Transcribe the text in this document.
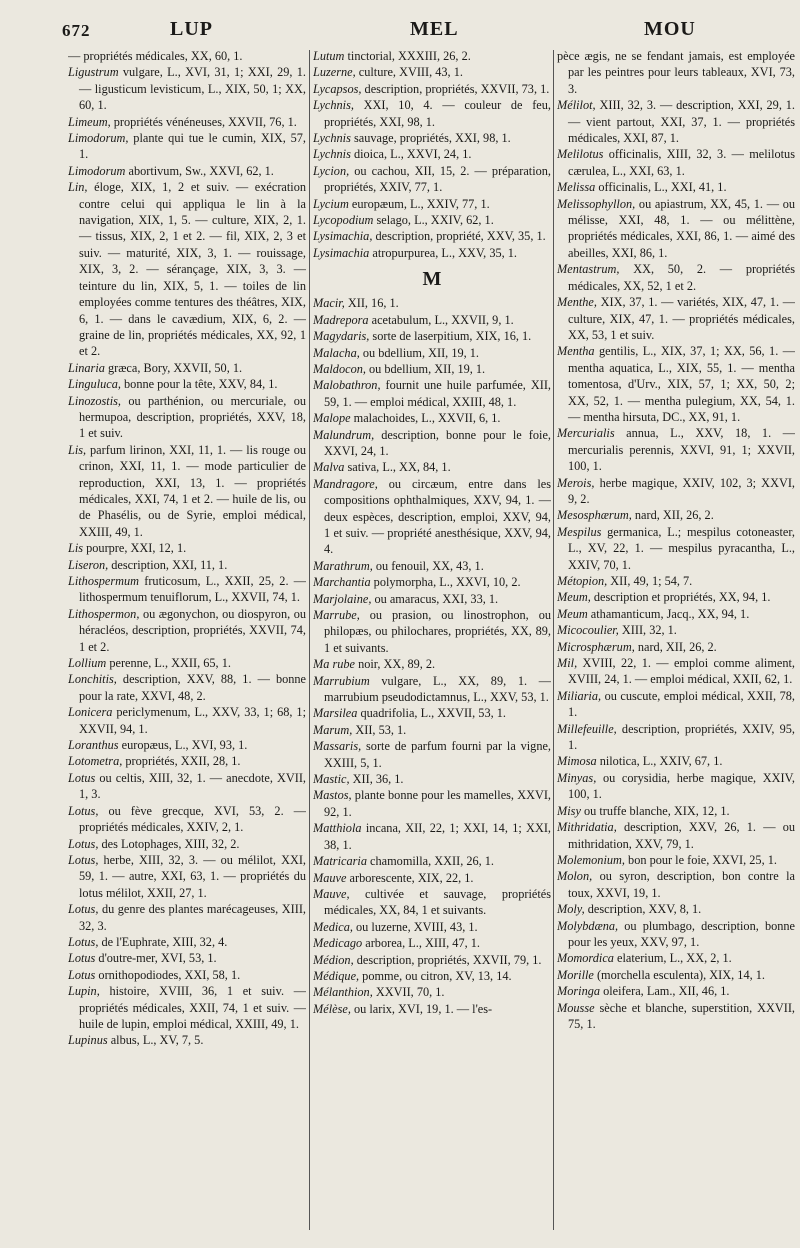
672	LUP	MEL	MOU
— propriétés médicales, XX, 60, 1.
Ligustrum vulgare, L., XVI, 31, 1; XXI, 29, 1.— ligusticum levisticum, L., XIX, 50, 1; XX, 60, 1.
Limeum, propriétés vénéneuses, XXVII, 76, 1.
Limodorum, plante qui tue le cumin, XIX, 57, 1.
Limodorum abortivum, Sw., XXVI, 62, 1.
Lin, éloge, XIX, 1, 2 et suiv. — exécration contre celui qui appliqua le lin à la navigation, XIX, 1, 5. — culture, XIX, 2, 1. — tissus, XIX, 2, 1 et 2. — fil, XIX, 2, 3 et suiv. — maturité, XIX, 3, 1. — rouissage, XIX, 3, 2. — sérançage, XIX, 3, 3. — teinture du lin, XIX, 5, 1. — toiles de lin employées comme tentures des théâtres, XIX, 6, 1. — dans le cavædium, XIX, 6, 2. — graine de lin, propriétés médicales, XX, 92, 1 et 2.
Linaria græca, Bory, XXVII, 50, 1.
Linguluca, bonne pour la tête, XXV, 84, 1.
Linozostis, ou parthénion, ou mercuriale, ou hermupoa, description, propriétés, XXV, 18, 1 et suiv.
Lis, parfum lirinon, XXI, 11, 1. — lis rouge ou crinon, XXI, 11, 1. — mode particulier de reproduction, XXI, 13, 1. — propriétés médicales, XXI, 74, 1 et 2. — huile de lis, ou de Phasélis, ou de Syrie, emploi médical, XXIII, 49, 1.
Lis pourpre, XXI, 12, 1.
Liseron, description, XXI, 11, 1.
Lithospermum fruticosum, L., XXII, 25, 2. — lithospermum tenuiflorum, L., XXVII, 74, 1.
Lithospermon, ou ægonychon, ou diospyron, ou héracléos, description, propriétés, XXVII, 74, 1 et 2.
Lollium perenne, L., XXII, 65, 1.
Lonchitis, description, XXV, 88, 1. — bonne pour la rate, XXVI, 48, 2.
Lonicera periclymenum, L., XXV, 33, 1; 68, 1; XXVII, 94, 1.
Loranthus europæus, L., XVI, 93, 1.
Lotometra, propriétés, XXII, 28, 1.
Lotus ou celtis, XIII, 32, 1. — anecdote, XVII, 1, 3.
Lotus, ou fève grecque, XVI, 53, 2. — propriétés médicales, XXIV, 2, 1.
Lotus, des Lotophages, XIII, 32, 2.
Lotus, herbe, XIII, 32, 3. — ou mélilot, XXI, 59, 1. — autre, XXI, 63, 1. — propriétés du lotus mélilot, XXII, 27, 1.
Lotus, du genre des plantes marécageuses, XIII, 32, 3.
Lotus, de l'Euphrate, XIII, 32, 4.
Lotus d'outre-mer, XVI, 53, 1.
Lotus ornithopodiodes, XXI, 58, 1.
Lupin, histoire, XVIII, 36, 1 et suiv. — propriétés médicales, XXII, 74, 1 et suiv. — huile de lupin, emploi médical, XXIII, 49, 1.
Lupinus albus, L., XV, 7, 5.
Lutum tinctorial, XXXIII, 26, 2.
Luzerne, culture, XVIII, 43, 1.
Lycapsos, description, propriétés, XXVII, 73, 1.
Lychnis, XXI, 10, 4. — couleur de feu, propriétés, XXI, 98, 1.
Lychnis sauvage, propriétés, XXI, 98, 1.
Lychnis dioica, L., XXVI, 24, 1.
Lycion, ou cachou, XII, 15, 2. — préparation, propriétés, XXIV, 77, 1.
Lycium europæum, L., XXIV, 77, 1.
Lycopodium selago, L., XXIV, 62, 1.
Lysimachia, description, propriété, XXV, 35, 1.
Lysimachia atropurpurea, L., XXV, 35, 1.
M
Macir, XII, 16, 1.
Madrepora acetabulum, L., XXVII, 9, 1.
Magydaris, sorte de laserpitium, XIX, 16, 1.
Malacha, ou bdellium, XII, 19, 1.
Maldocon, ou bdellium, XII, 19, 1.
Malobathron, fournit une huile parfumée, XII, 59, 1. — emploi médical, XXIII, 48, 1.
Malope malachoides, L., XXVII, 6, 1.
Malundrum, description, bonne pour le foie, XXVI, 24, 1.
Malva sativa, L., XX, 84, 1.
Mandragore, ou circæum, entre dans les compositions ophthalmiques, XXV, 94, 1. — deux espèces, description, emploi, XXV, 94, 1 et suiv. — propriété anesthésique, XXV, 94, 4.
Marathrum, ou fenouil, XX, 43, 1.
Marchantia polymorpha, L., XXVI, 10, 2.
Marjolaine, ou amaracus, XXI, 33, 1.
Marrube, ou prasion, ou linostrophon, ou philopæs, ou philochares, propriétés, XX, 89, 1 et suivants.
Ma rube noir, XX, 89, 2.
Marrubium vulgare, L., XX, 89, 1. — marrubium pseudodictamnus, L., XXV, 53, 1.
Marsilea quadrifolia, L., XXVII, 53, 1.
Marum, XII, 53, 1.
Massaris, sorte de parfum fourni par la vigne, XXIII, 5, 1.
Mastic, XII, 36, 1.
Mastos, plante bonne pour les mamelles, XXVI, 92, 1.
Matthiola incana, XII, 22, 1; XXI, 14, 1; XXI, 38, 1.
Matricaria chamomilla, XXII, 26, 1.
Mauve arborescente, XIX, 22, 1.
Mauve, cultivée et sauvage, propriétés médicales, XX, 84, 1 et suivants.
Medica, ou luzerne, XVIII, 43, 1.
Medicago arborea, L., XIII, 47, 1.
Médion, description, propriétés, XXVII, 79, 1.
Médique, pomme, ou citron, XV, 13, 14.
Mélanthion, XXVII, 70, 1.
Mélèse, ou larix, XVI, 19, 1. — l'es-
pèce ægis, ne se fendant jamais, est employée par les peintres pour leurs tableaux, XVI, 73, 3.
Mélilot, XIII, 32, 3. — description, XXI, 29, 1. — vient partout, XXI, 37, 1. — propriétés médicales, XXI, 87, 1.
Melilotus officinalis, XIII, 32, 3. — melilotus cærulea, L., XXI, 63, 1.
Melissa officinalis, L., XXI, 41, 1.
Melissophyllon, ou apiastrum, XX, 45, 1. — ou mélisse, XXI, 48, 1. — ou mélittène, propriétés médicales, XXI, 86, 1. — aimé des abeilles, XXI, 86, 1.
Mentastrum, XX, 50, 2. — propriétés médicales, XX, 52, 1 et 2.
Menthe, XIX, 37, 1. — variétés, XIX, 47, 1. — culture, XIX, 47, 1. — propriétés médicales, XX, 53, 1 et suiv.
Mentha gentilis, L., XIX, 37, 1; XX, 56, 1. — mentha aquatica, L., XIX, 55, 1. — mentha tomentosa, d'Urv., XIX, 57, 1; XX, 50, 2; XX, 52, 1. — mentha pulegium, XX, 54, 1. — mentha hirsuta, DC., XX, 91, 1.
Mercurialis annua, L., XXV, 18, 1. — mercurialis perennis, XXVI, 91, 1; XXVII, 100, 1.
Merois, herbe magique, XXIV, 102, 3; XXVI, 9, 2.
Mesosphærum, nard, XII, 26, 2.
Mespilus germanica, L.; mespilus cotoneaster, L., XV, 22, 1. — mespilus pyracantha, L., XXIV, 70, 1.
Métopion, XII, 49, 1; 54, 7.
Meum, description et propriétés, XX, 94, 1.
Meum athamanticum, Jacq., XX, 94, 1.
Micocoulier, XIII, 32, 1.
Microsphærum, nard, XII, 26, 2.
Mil, XVIII, 22, 1. — emploi comme aliment, XVIII, 24, 1. — emploi médical, XXII, 62, 1.
Miliaria, ou cuscute, emploi médical, XXII, 78, 1.
Millefeuille, description, propriétés, XXIV, 95, 1.
Mimosa nilotica, L., XXIV, 67, 1.
Minyas, ou corysidia, herbe magique, XXIV, 100, 1.
Misy ou truffe blanche, XIX, 12, 1.
Mithridatia, description, XXV, 26, 1. — ou mithridation, XXV, 79, 1.
Molemonium, bon pour le foie, XXVI, 25, 1.
Molon, ou syron, description, bon contre la toux, XXVI, 19, 1.
Moly, description, XXV, 8, 1.
Molybdæna, ou plumbago, description, bonne pour les yeux, XXV, 97, 1.
Momordica elaterium, L., XX, 2, 1.
Morille (morchella esculenta), XIX, 14, 1.
Moringa oleifera, Lam., XII, 46, 1.
Mousse sèche et blanche, superstition, XXVII, 75, 1.
